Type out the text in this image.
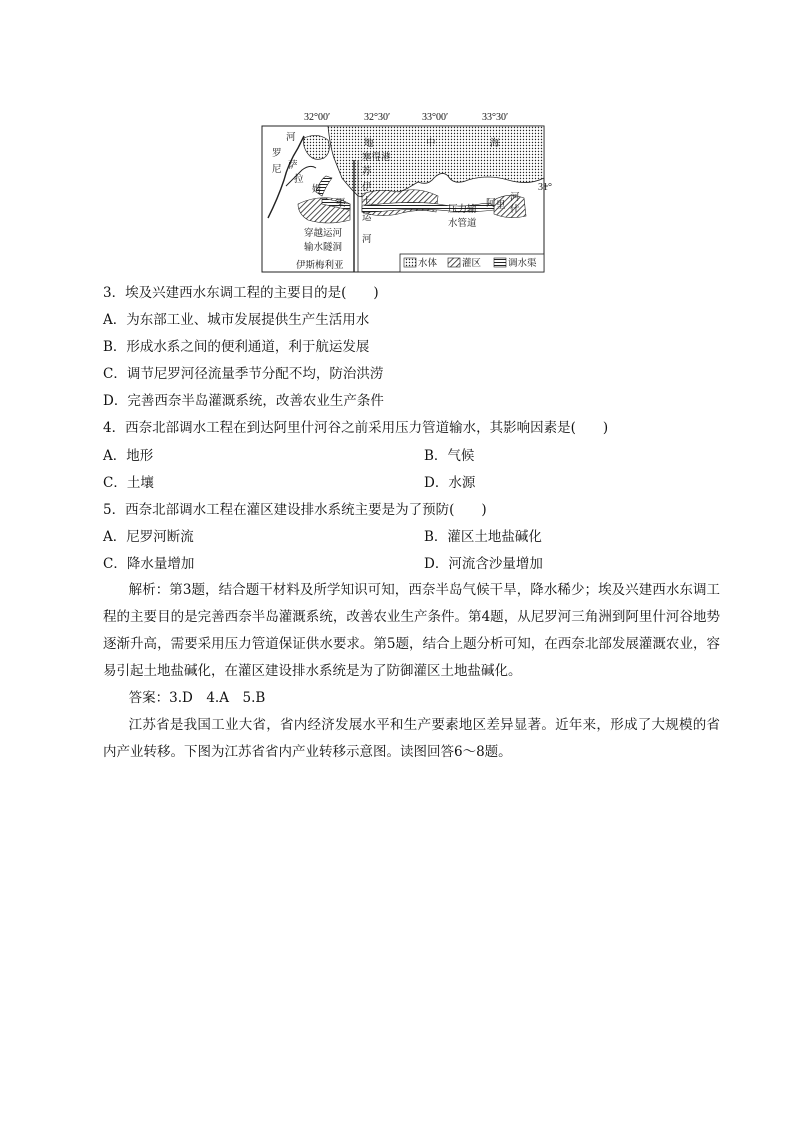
32°00′	32°30′	33°00′	33°30′
31°
河
罗
萨
尼
拉
地	中	海
塞得港
苏
伊
士
运
河
姆
渠
压力输
水管道
阿 里
河
什
穿越运河
输水隧洞
伊斯梅利亚	水体	灌区	调水渠
3．埃及兴建西水东调工程的主要目的是(　　)
A．为东部工业、城市发展提供生产生活用水
B．形成水系之间的便利通道，利于航运发展
C．调节尼罗河径流量季节分配不均，防治洪涝
D．完善西奈半岛灌溉系统，改善农业生产条件
4．西奈北部调水工程在到达阿里什河谷之前采用压力管道输水，其影响因素是(　　)
A．地形	B．气候
C．土壤	D．水源
5．西奈北部调水工程在灌区建设排水系统主要是为了预防(　　)
A．尼罗河断流	B．灌区土地盐碱化
C．降水量增加	D．河流含沙量增加
解析：第3题，结合题干材料及所学知识可知，西奈半岛气候干旱，降水稀少；埃及兴建西水东调工程的主要目的是完善西奈半岛灌溉系统，改善农业生产条件。第4题，从尼罗河三角洲到阿里什河谷地势逐渐升高，需要采用压力管道保证供水要求。第5题，结合上题分析可知，在西奈北部发展灌溉农业，容易引起土地盐碱化，在灌区建设排水系统是为了防御灌区土地盐碱化。
答案：3.D　4.A　5.B
江苏省是我国工业大省，省内经济发展水平和生产要素地区差异显著。近年来，形成了大规模的省内产业转移。下图为江苏省省内产业转移示意图。读图回答6～8题。
